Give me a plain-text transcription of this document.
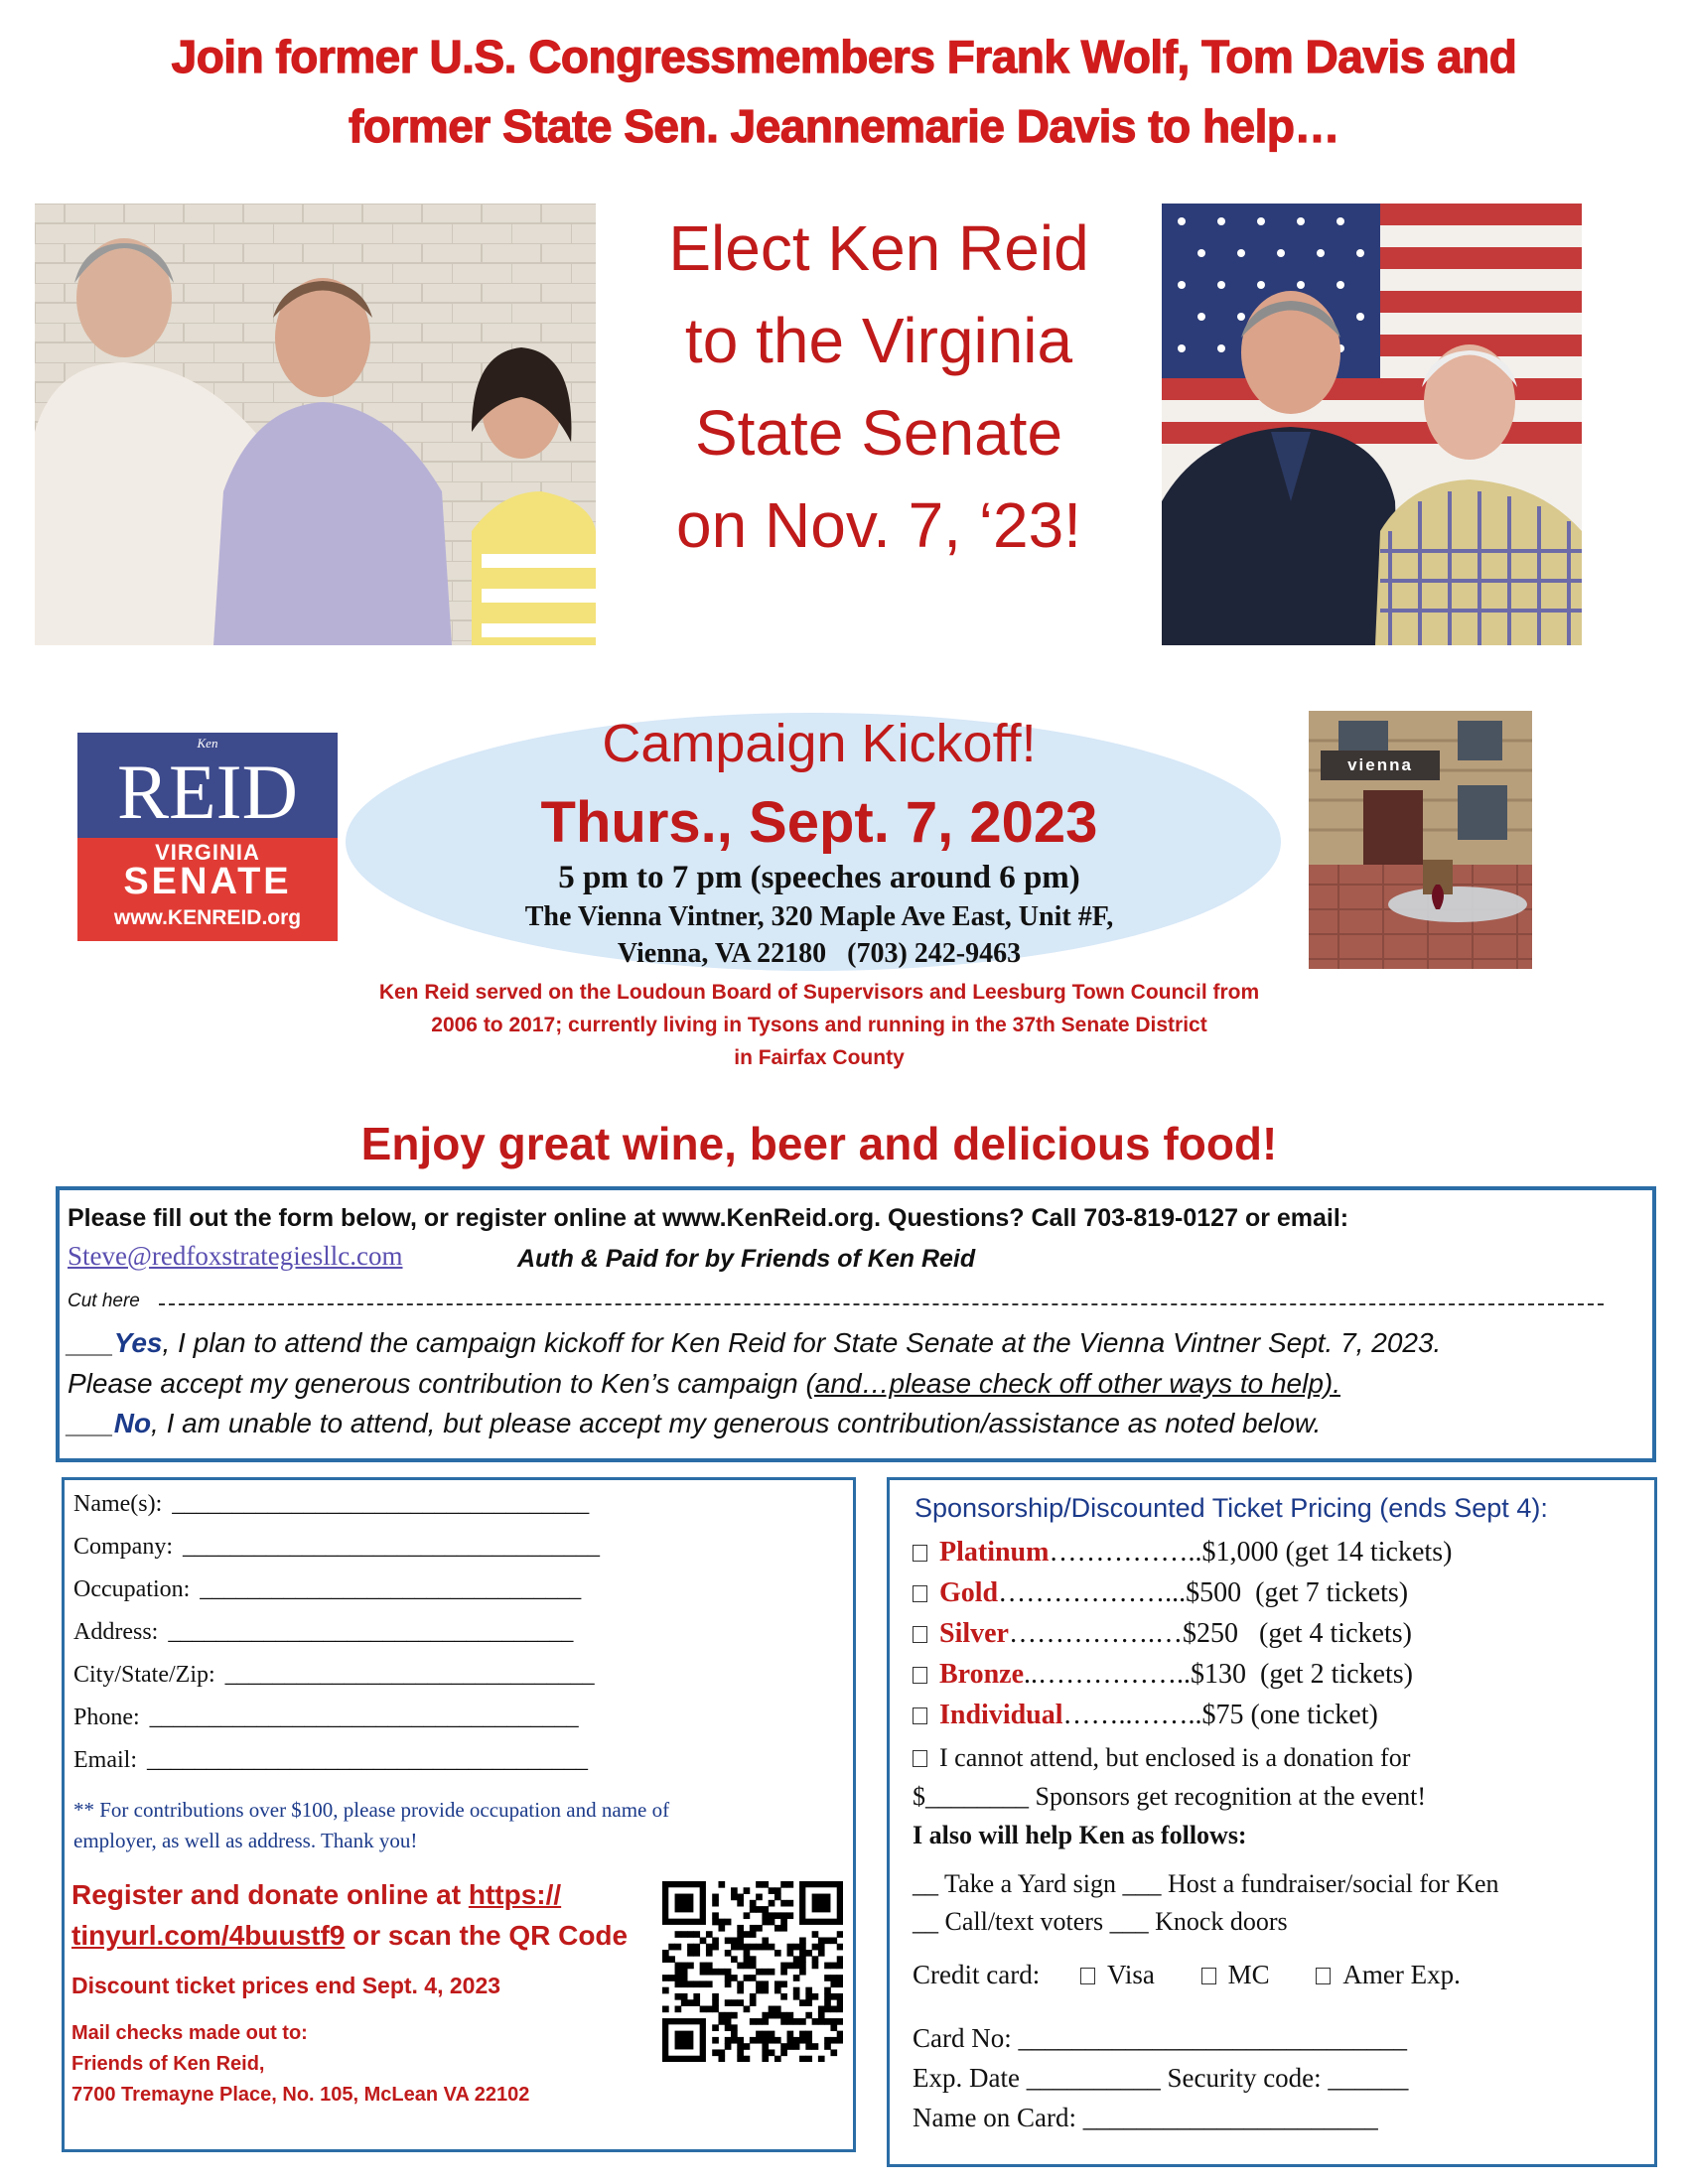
Join former U.S. Congressmembers Frank Wolf, Tom Davis and
former State Sen. Jeannemarie Davis to help…
Elect Ken Reid
to the Virginia
State Senate
on Nov. 7, ‘23!
Ken
REID
VIRGINIA
SENATE
www.KENREID.org
Campaign Kickoff!
Thurs., Sept. 7, 2023
5 pm to 7 pm (speeches around 6 pm)
The Vienna Vintner, 320 Maple Ave East, Unit #F,
Vienna, VA 22180   (703) 242-9463
Ken Reid served on the Loudoun Board of Supervisors and Leesburg Town Council from
2006 to 2017; currently living in Tysons and running in the 37th Senate District
in Fairfax County
vienna
Enjoy great wine, beer and delicious food!
Please fill out the form below, or register online at www.KenReid.org. Questions? Call 703-819-0127 or email:
Steve@redfoxstrategiesllc.com	Auth & Paid for by Friends of Ken Reid
Cut here
___Yes, I plan to attend the campaign kickoff for Ken Reid for State Senate at the Vienna Vintner Sept. 7, 2023.
Please accept my generous contribution to Ken’s campaign (and…please check off other ways to help).
___No, I am unable to attend, but please accept my generous contribution/assistance as noted below.
Name(s): ___________________________________
Company: ___________________________________
Occupation: ________________________________
Address: __________________________________
City/State/Zip: _______________________________
Phone: ____________________________________
Email: _____________________________________
** For contributions over $100, please provide occupation and name of
employer, as well as address. Thank you!
Register and donate online at https://
tinyurl.com/4buustf9 or scan the QR Code
Discount ticket prices end Sept. 4, 2023
Mail checks made out to:
Friends of Ken Reid,
7700 Tremayne Place, No. 105, McLean VA 22102
Sponsorship/Discounted Ticket Pricing (ends Sept 4):
Platinum……………..$1,000 (get 14 tickets)
Gold………………...$500  (get 7 tickets)
Silver…………….…$250   (get 4 tickets)
Bronze..……………..$130  (get 2 tickets)
Individual……..……..$75 (one ticket)
I cannot attend, but enclosed is a donation for
$________ Sponsors get recognition at the event!
I also will help Ken as follows:
__ Take a Yard sign ___ Host a fundraiser/social for Ken
__ Call/text voters ___ Knock doors
Credit card:	Visa	MC	Amer Exp.
Card No: _____________________________
Exp. Date __________ Security code: ______
Name on Card: ______________________
